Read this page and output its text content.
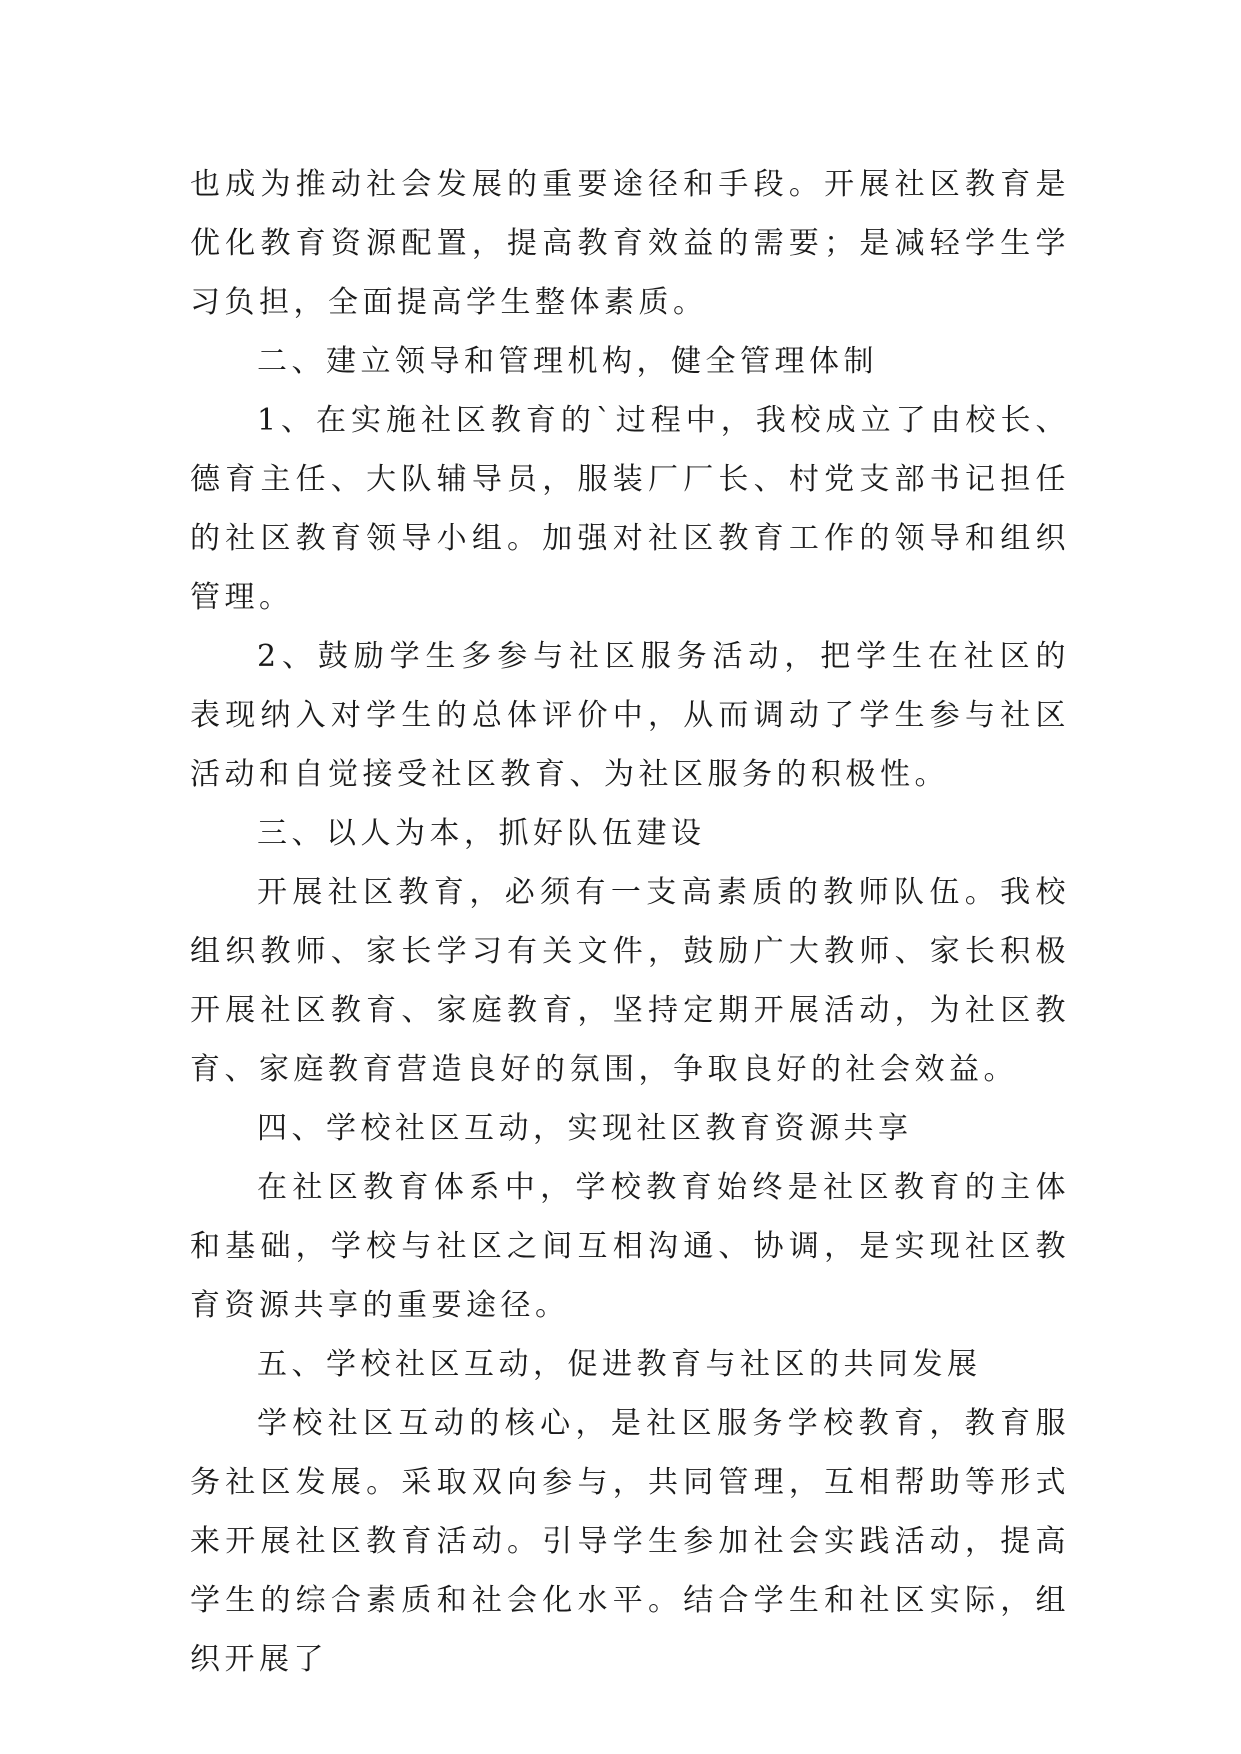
也成为推动社会发展的重要途径和手段。开展社区教育是优化教育资源配置，提高教育效益的需要；是减轻学生学习负担，全面提高学生整体素质。

二、建立领导和管理机构，健全管理体制

1、在实施社区教育的`过程中，我校成立了由校长、德育主任、大队辅导员，服装厂厂长、村党支部书记担任的社区教育领导小组。加强对社区教育工作的领导和组织管理。

2、鼓励学生多参与社区服务活动，把学生在社区的表现纳入对学生的总体评价中，从而调动了学生参与社区活动和自觉接受社区教育、为社区服务的积极性。

三、以人为本，抓好队伍建设

开展社区教育，必须有一支高素质的教师队伍。我校组织教师、家长学习有关文件，鼓励广大教师、家长积极开展社区教育、家庭教育，坚持定期开展活动，为社区教育、家庭教育营造良好的氛围，争取良好的社会效益。

四、学校社区互动，实现社区教育资源共享

在社区教育体系中，学校教育始终是社区教育的主体和基础，学校与社区之间互相沟通、协调，是实现社区教育资源共享的重要途径。

五、学校社区互动，促进教育与社区的共同发展

学校社区互动的核心，是社区服务学校教育，教育服务社区发展。采取双向参与，共同管理，互相帮助等形式来开展社区教育活动。引导学生参加社会实践活动，提高学生的综合素质和社会化水平。结合学生和社区实际，组织开展了
